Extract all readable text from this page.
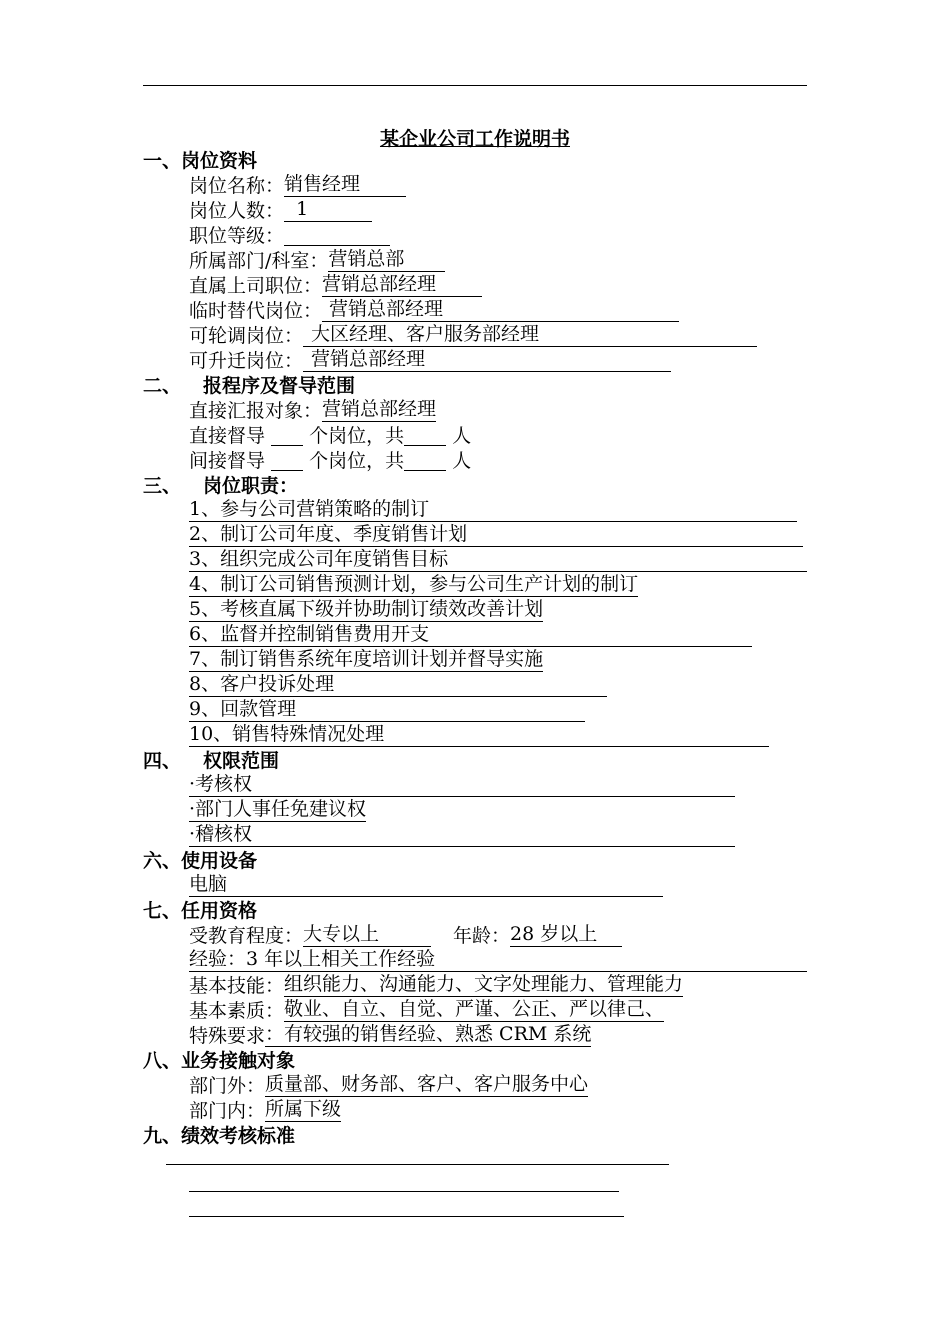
某企业公司工作说明书
一、岗位资料
岗位名称：销售经理
岗位人数： 1
职位等级：
所属部门/科室：营销总部
直属上司职位：营销总部经理
临时替代岗位： 营销总部经理
可轮调岗位： 大区经理、客户服务部经理
可升迁岗位： 营销总部经理
二、 报程序及督导范围
直接汇报对象：营销总部经理
直接督导 个岗位，共	人
间接督导 个岗位，共	人
三、 岗位职责：
1、参与公司营销策略的制订
2、制订公司年度、季度销售计划
3、组织完成公司年度销售目标
4、制订公司销售预测计划，参与公司生产计划的制订
5、考核直属下级并协助制订绩效改善计划
6、监督并控制销售费用开支
7、制订销售系统年度培训计划并督导实施
8、客户投诉处理
9、回款管理
10、销售特殊情况处理
四、 权限范围
·考核权
·部门人事任免建议权
·稽核权
六、使用设备
电脑
七、任用资格
受教育程度：大专以上	年龄：28 岁以上
经验：3 年以上相关工作经验
基本技能：组织能力、沟通能力、文字处理能力、管理能力
基本素质：敬业、自立、自觉、严谨、公正、严以律己、
特殊要求：有较强的销售经验、熟悉 CRM 系统
八、业务接触对象
部门外：质量部、财务部、客户、客户服务中心
部门内：所属下级
九、绩效考核标准
